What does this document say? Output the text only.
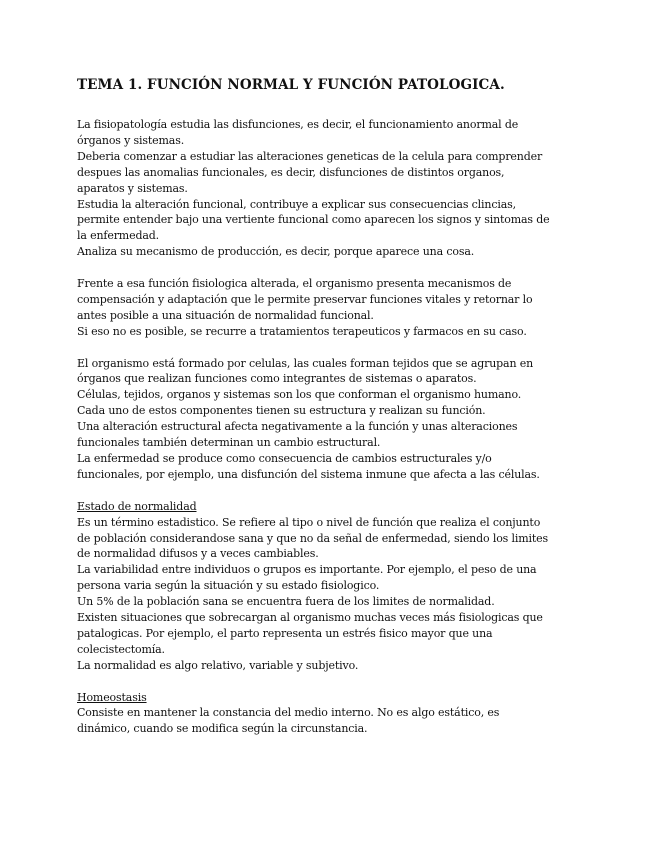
TEMA 1. FUNCIÓN NORMAL Y FUNCIÓN PATOLOGICA.
La fisiopatología estudia las disfunciones, es decir, el funcionamiento anormal de
órganos y sistemas.
Deberia comenzar a estudiar las alteraciones geneticas de la celula para comprender
despues las anomalias funcionales, es decir, disfunciones de distintos organos,
aparatos y sistemas.
Estudia la alteración funcional, contribuye a explicar sus consecuencias clincias,
permite entender bajo una vertiente funcional como aparecen los signos y sintomas de
la enfermedad.
Analiza su mecanismo de producción, es decir, porque aparece una cosa.
Frente a esa función fisiologica alterada, el organismo presenta mecanismos de
compensación y adaptación que le permite preservar funciones vitales y retornar lo
antes posible a una situación de normalidad funcional.
Si eso no es posible, se recurre a tratamientos terapeuticos y farmacos en su caso.
El organismo está formado por celulas, las cuales forman tejidos que se agrupan en
órganos que realizan funciones como integrantes de sistemas o aparatos.
Células, tejidos, organos y sistemas son los que conforman el organismo humano.
Cada uno de estos componentes tienen su estructura y realizan su función.
Una alteración estructural afecta negativamente a la función y unas alteraciones
funcionales también determinan un cambio estructural.
La enfermedad se produce como consecuencia de cambios estructurales y/o
funcionales, por ejemplo, una disfunción del sistema inmune que afecta a las células.
Estado de normalidad
Es un término estadistico. Se refiere al tipo o nivel de función que realiza el conjunto
de población considerandose sana y que no da señal de enfermedad, siendo los limites
de normalidad difusos y a veces cambiables.
La variabilidad entre individuos o grupos es importante. Por ejemplo, el peso de una
persona varia según la situación y su estado fisiologico.
Un 5% de la población sana se encuentra fuera de los limites de normalidad.
Existen situaciones que sobrecargan al organismo muchas veces más fisiologicas que
patalogicas. Por ejemplo, el parto representa un estrés fisico mayor que una
colecistectomía.
La normalidad es algo relativo, variable y subjetivo.
Homeostasis
Consiste en mantener la constancia del medio interno. No es algo estático, es
dinámico, cuando se modifica según la circunstancia.
